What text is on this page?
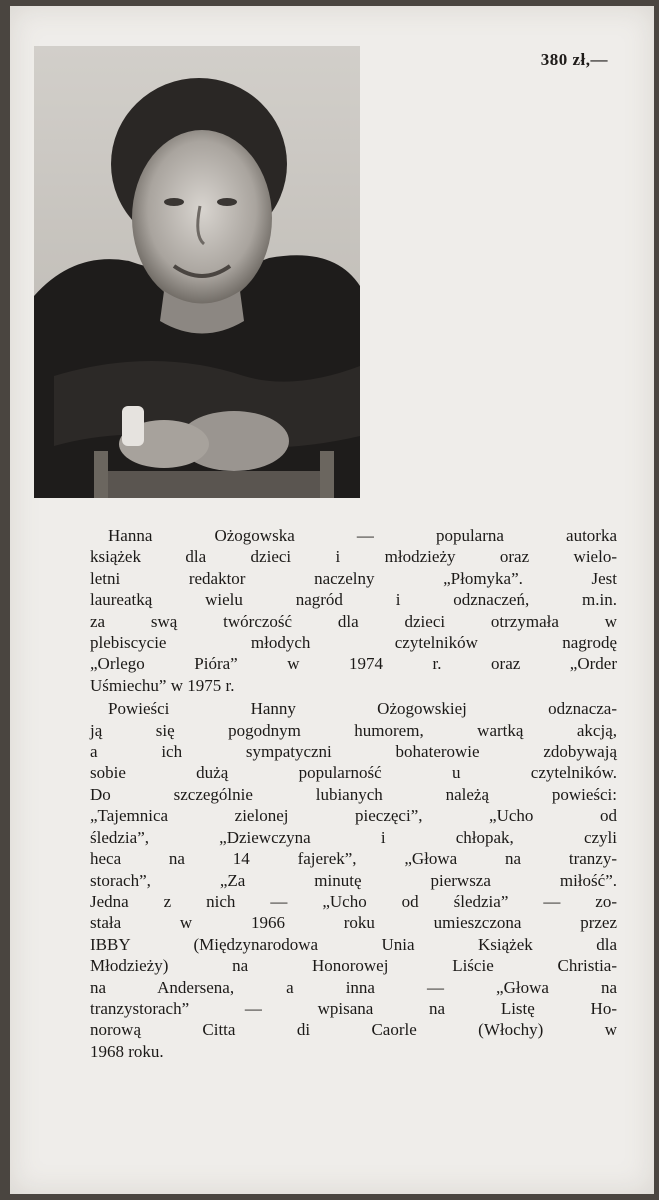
380 zł,—

Hanna Ożogowska — popularna autorka
książek dla dzieci i młodzieży oraz wielo-
letni redaktor naczelny „Płomyka”. Jest
laureatką wielu nagród i odznaczeń, m.in.
za swą twórczość dla dzieci otrzymała w
plebiscycie młodych czytelników nagrodę
„Orlego Pióra” w 1974 r. oraz „Order
Uśmiechu” w 1975 r.

Powieści Hanny Ożogowskiej odznacza-
ją się pogodnym humorem, wartką akcją,
a ich sympatyczni bohaterowie zdobywają
sobie dużą popularność u czytelników.
Do szczególnie lubianych należą powieści:
„Tajemnica zielonej pieczęci”, „Ucho od
śledzia”, „Dziewczyna i chłopak, czyli
heca na 14 fajerek”, „Głowa na tranzy-
storach”, „Za minutę pierwsza miłość”.
Jedna z nich — „Ucho od śledzia” — zo-
stała w 1966 roku umieszczona przez
IBBY (Międzynarodowa Unia Książek dla
Młodzieży) na Honorowej Liście Christia-
na Andersena, a inna — „Głowa na
tranzystorach” — wpisana na Listę Ho-
norową Citta di Caorle (Włochy) w
1968 roku.
